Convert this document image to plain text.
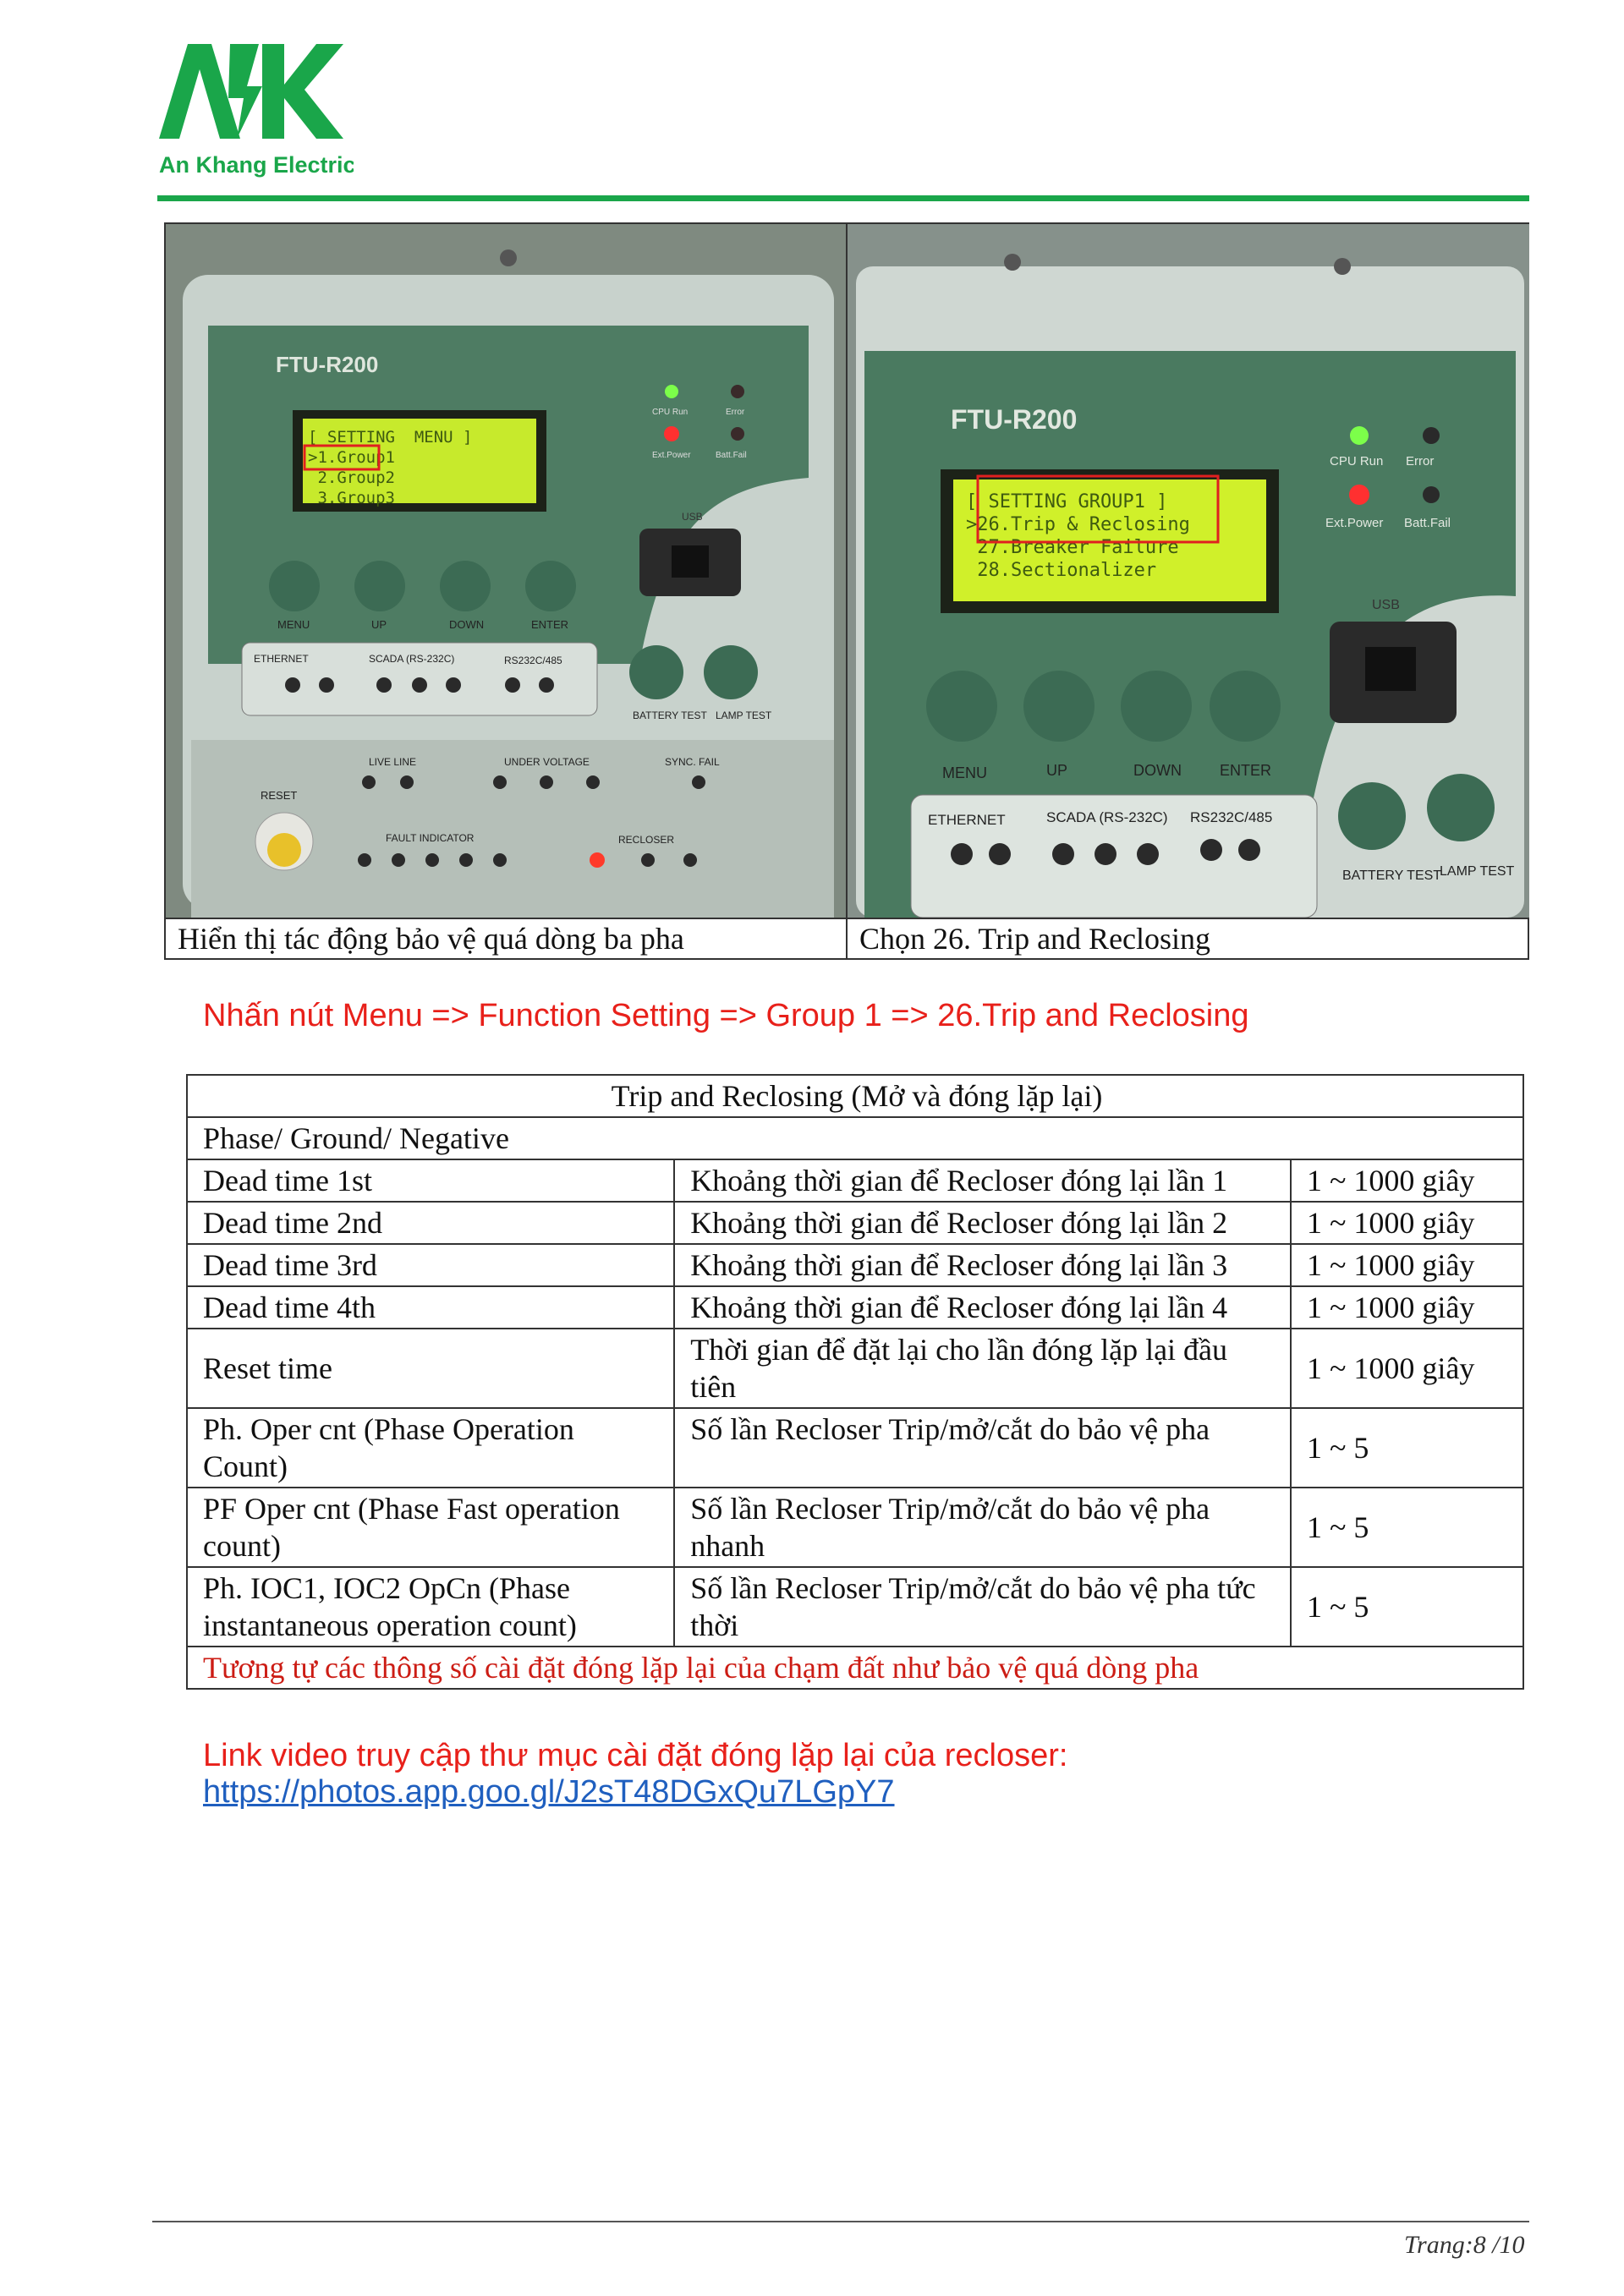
An Khang Electric
FTU-R200
[ SETTING  MENU ]
>1.Group1
2.Group2
3.Group3
CPU Run
Ext.Power
Error
Batt.Fail
USB
MENU	UP	DOWN	ENTER
ETHERNET	SCADA (RS-232C)	RS232C/485
BATTERY TEST LAMP TEST
LIVE LINE	UNDER VOLTAGE	SYNC. FAIL
RESET
FAULT INDICATOR	RECLOSER
FTU-R200
[ SETTING GROUP1 ]
>26.Trip & Reclosing
27.Breaker Failure
28.Sectionalizer
CPU Run Error
Ext.Power Batt.Fail
USB
MENU	UP	DOWN	ENTER
ETHERNET	SCADA (RS-232C) RS232C/485
BATTERY TEST
LAMP TEST
Hiển thị tác động bảo vệ quá dòng ba pha	Chọn 26. Trip and Reclosing
Nhấn nút Menu => Function Setting => Group 1 => 26.Trip and Reclosing
Trip and Reclosing (Mở và đóng lặp lại)		
Phase/ Ground/ Negative		
Dead time 1st	Khoảng thời gian để Recloser đóng lại lần 1	1 ~ 1000 giây
Dead time 2nd	Khoảng thời gian để Recloser đóng lại lần 2	1 ~ 1000 giây
Dead time 3rd	Khoảng thời gian để Recloser đóng lại lần 3	1 ~ 1000 giây
Dead time 4th	Khoảng thời gian để Recloser đóng lại lần 4	1 ~ 1000 giây
Reset time	Thời gian để đặt lại cho lần đóng lặp lại đầu tiên	1 ~ 1000 giây
Ph. Oper cnt (Phase Operation Count)	Số lần Recloser Trip/mở/cắt do bảo vệ pha	1 ~ 5
PF Oper cnt (Phase Fast operation count)	Số lần Recloser Trip/mở/cắt do bảo vệ pha nhanh	1 ~ 5
Ph. IOC1, IOC2 OpCn (Phase instantaneous operation count)	Số lần Recloser Trip/mở/cắt do bảo vệ pha tức thời	1 ~ 5
Tương tự các thông số cài đặt đóng lặp lại của chạm đất như bảo vệ quá dòng pha		
Link video truy cập thư mục cài đặt đóng lặp lại của recloser:
https://photos.app.goo.gl/J2sT48DGxQu7LGpY7
Trang:8 /10
